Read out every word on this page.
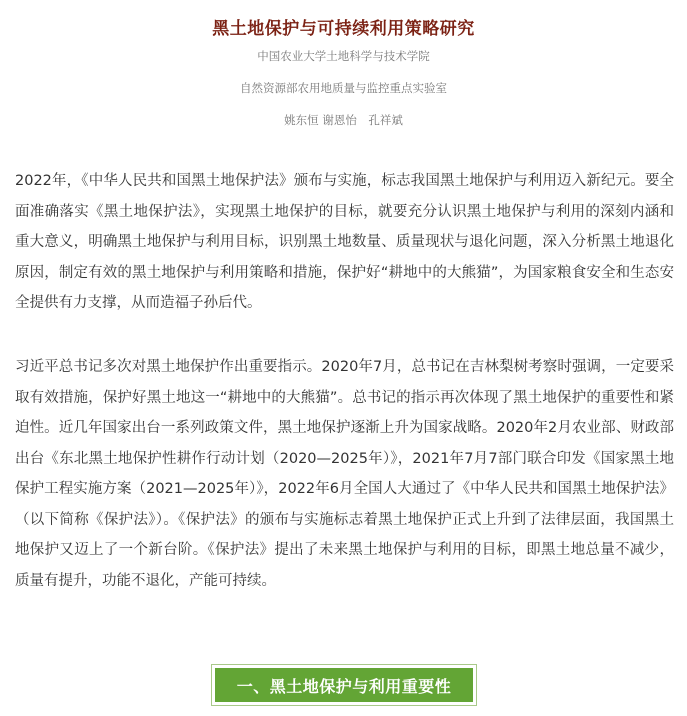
黑土地保护与可持续利用策略研究
中国农业大学土地科学与技术学院
自然资源部农用地质量与监控重点实验室
姚东恒 谢恩怡　孔祥斌

2022年，《中华人民共和国黑土地保护法》颁布与实施，标志我国黑土地保护与利用迈入新纪元。要全面准确落实《黑土地保护法》，实现黑土地保护的目标，就要充分认识黑土地保护与利用的深刻内涵和重大意义，明确黑土地保护与利用目标，识别黑土地数量、质量现状与退化问题，深入分析黑土地退化原因，制定有效的黑土地保护与利用策略和措施，保护好“耕地中的大熊猫”，为国家粮食安全和生态安全提供有力支撑，从而造福子孙后代。

习近平总书记多次对黑土地保护作出重要指示。2020年7月，总书记在吉林梨树考察时强调，一定要采取有效措施，保护好黑土地这一“耕地中的大熊猫”。总书记的指示再次体现了黑土地保护的重要性和紧迫性。近几年国家出台一系列政策文件，黑土地保护逐渐上升为国家战略。2020年2月农业部、财政部出台《东北黑土地保护性耕作行动计划（2020—2025年）》，2021年7月7部门联合印发《国家黑土地保护工程实施方案（2021—2025年）》，2022年6月全国人大通过了《中华人民共和国黑土地保护法》（以下简称《保护法》）。《保护法》的颁布与实施标志着黑土地保护正式上升到了法律层面，我国黑土地保护又迈上了一个新台阶。《保护法》提出了未来黑土地保护与利用的目标，即黑土地总量不减少，质量有提升，功能不退化，产能可持续。

一、黑土地保护与利用重要性
